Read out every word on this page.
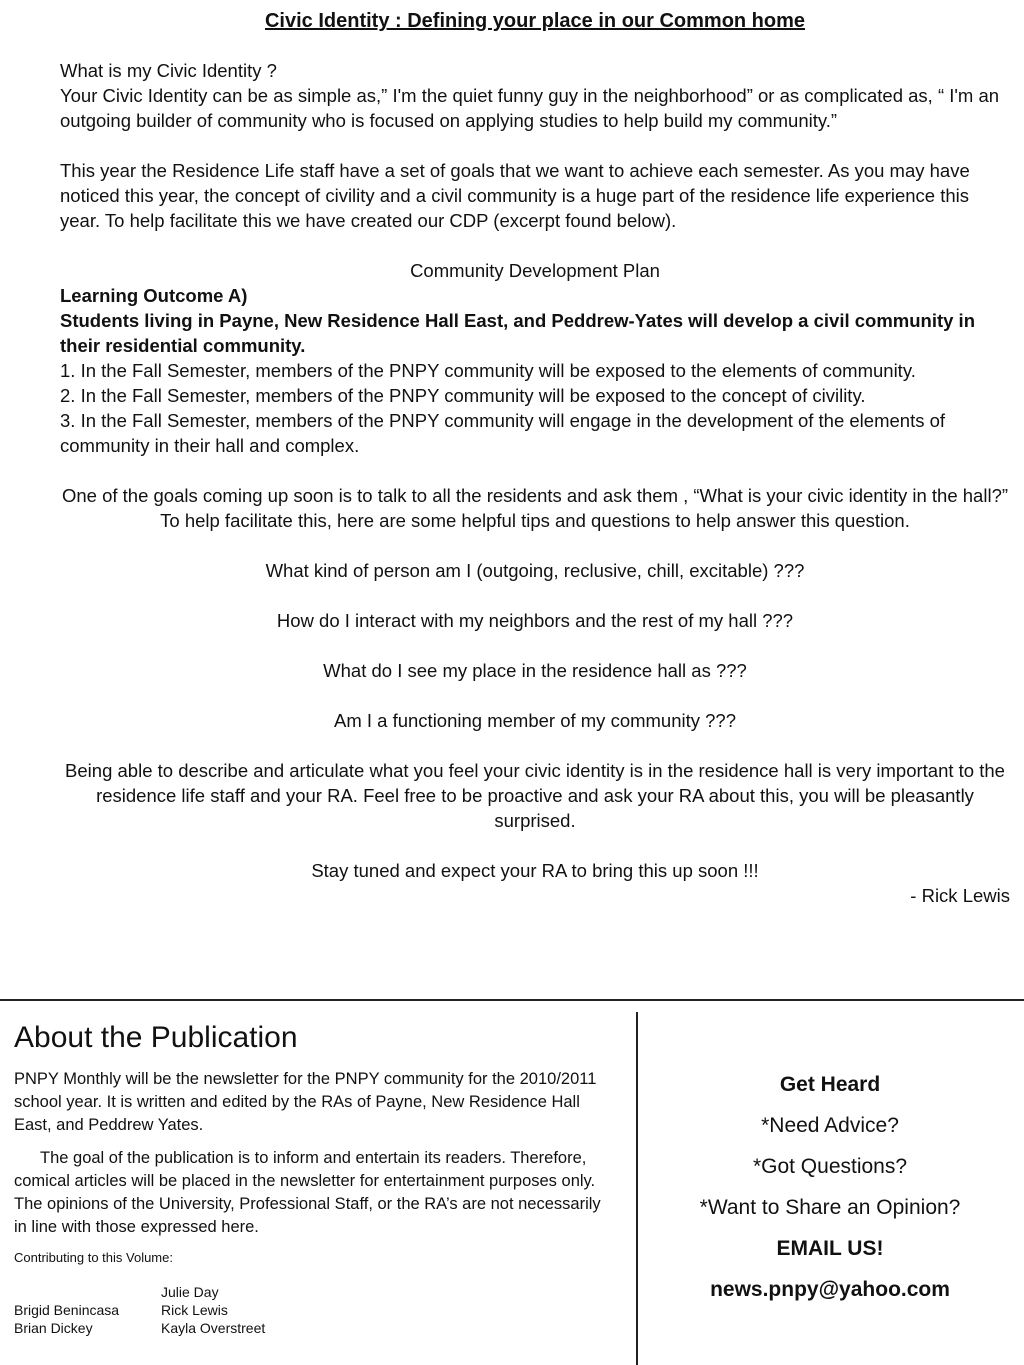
Civic Identity : Defining your place in our Common home

What is my Civic Identity ?

Your Civic Identity can be as simple as,” I'm the quiet funny guy in the neighborhood” or as complicated as, “ I'm an outgoing builder of community who is focused on applying studies to help build my community.”

This year the Residence Life staff have a set of goals that we want to achieve each semester. As you may have noticed this year, the concept of civility and a civil community is a huge part of the residence life experience this year. To help facilitate this we have created our CDP (excerpt found below).

Community Development Plan

Learning Outcome A)

Students living in Payne, New Residence Hall East, and Peddrew-Yates will develop a civil community in their residential community.

1. In the Fall Semester, members of the PNPY community will be exposed to the elements of community.

2. In the Fall Semester, members of the PNPY community will be exposed to the concept of civility.

3. In the Fall Semester, members of the PNPY community will engage in the development of the elements of community in their hall and complex.

One of the goals coming up soon is to talk to all the residents and ask them , “What is your civic identity in the hall?” To help facilitate this, here are some helpful tips and questions to help answer this question.

What kind of person am I (outgoing, reclusive, chill, excitable) ???

How do I interact with my neighbors and the rest of my hall ???

What do I see my place in the residence hall as ???

Am I a functioning member of my community ???

Being able to describe and articulate what you feel your civic identity is in the residence hall is very important to the residence life staff and your RA. Feel free to be proactive and ask your RA about this, you will be pleasantly surprised.

Stay tuned and expect your RA to bring this up soon !!!

- Rick Lewis

About the Publication

PNPY Monthly will be the newsletter for the PNPY community for the 2010/2011 school year. It is written and edited by the RAs of Payne, New Residence Hall East, and Peddrew Yates.

The goal of the publication is to inform and entertain its readers. Therefore, comical articles will be placed in the newsletter for entertainment purposes only. The opinions of the University, Professional Staff, or the RA’s are not necessarily in line with those expressed here.

Contributing to this Volume:

Brigid Benincasa
Brian Dickey
Julie Day
Rick Lewis
Kayla Overstreet
Get Heard
*Need Advice?
*Got Questions?
*Want to Share an Opinion?
EMAIL US!
news.pnpy@yahoo.com
